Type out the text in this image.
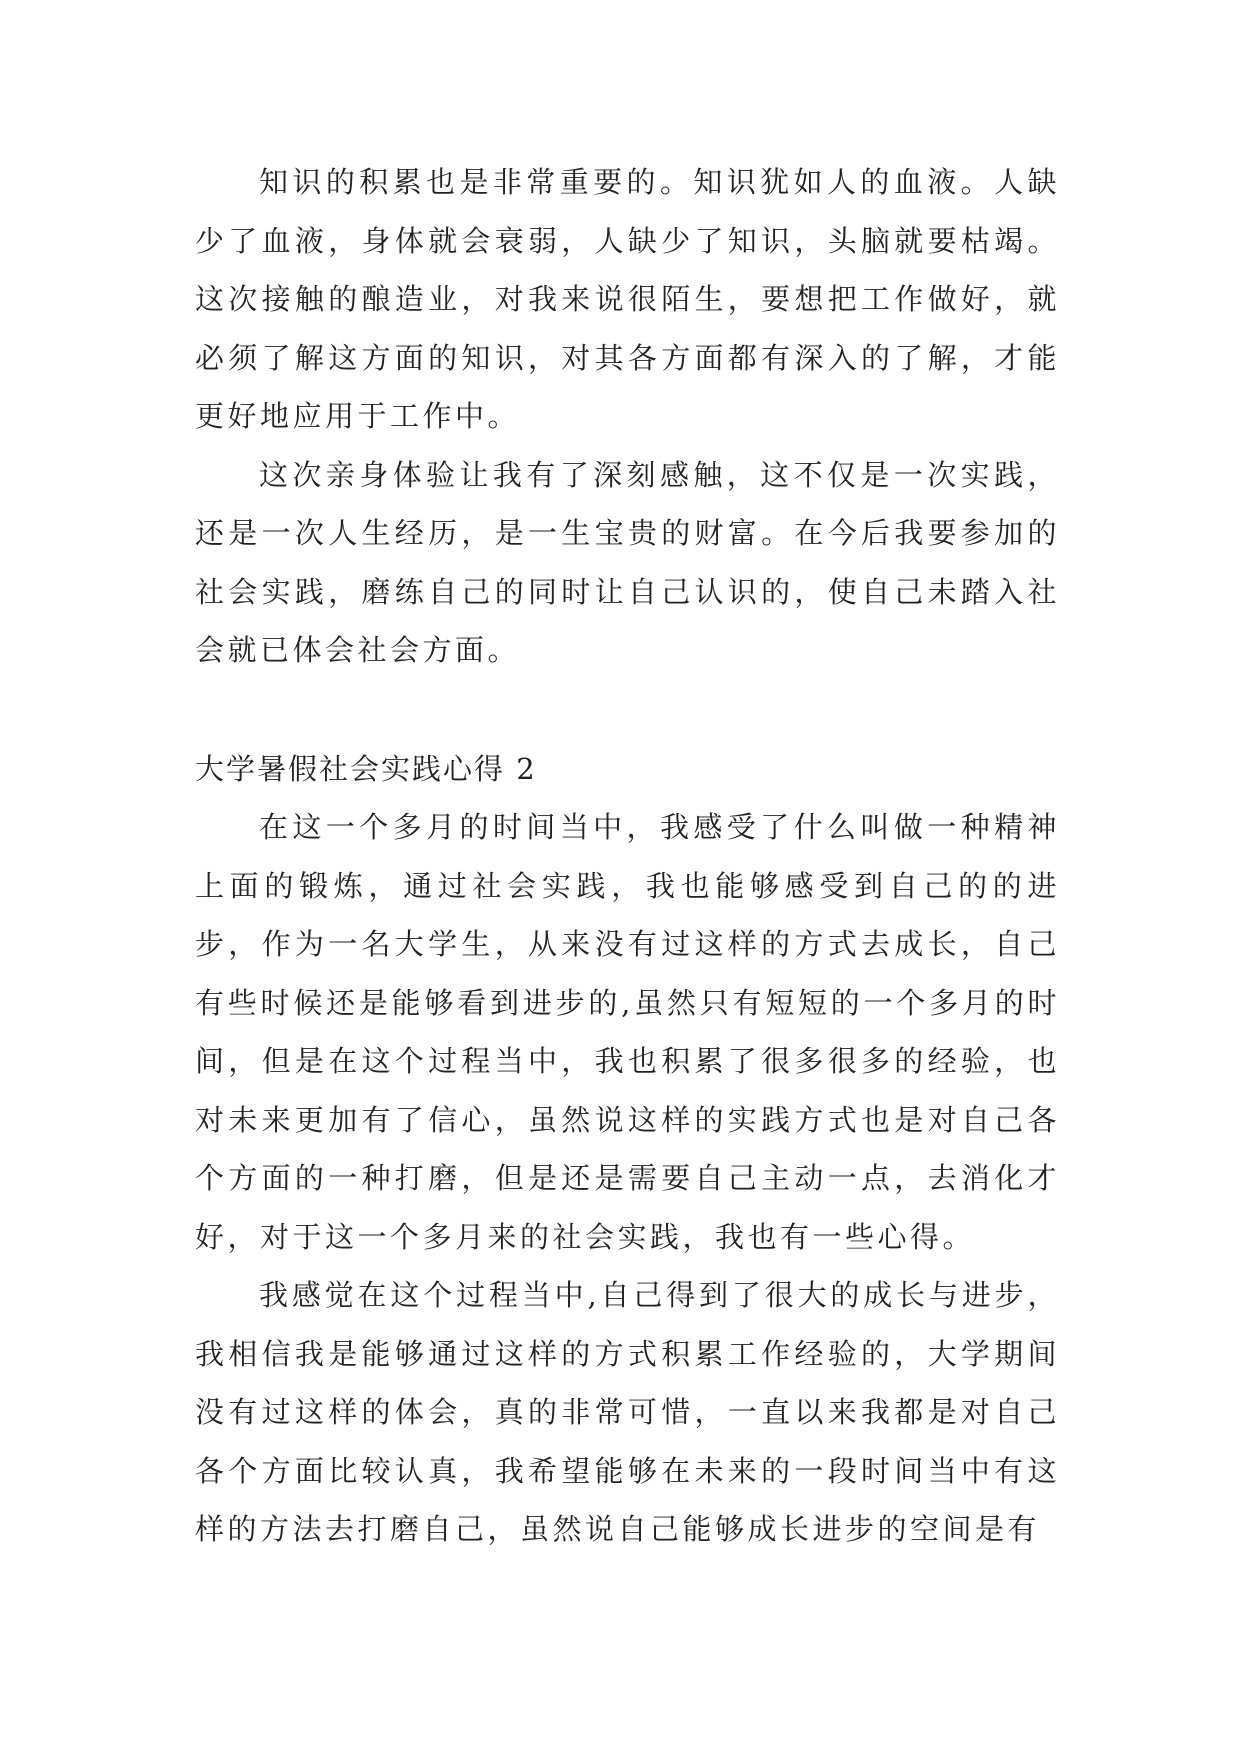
知识的积累也是非常重要的。知识犹如人的血液。人缺少了血液，身体就会衰弱，人缺少了知识，头脑就要枯竭。这次接触的酿造业，对我来说很陌生，要想把工作做好，就必须了解这方面的知识，对其各方面都有深入的了解，才能更好地应用于工作中。

这次亲身体验让我有了深刻感触，这不仅是一次实践，还是一次人生经历，是一生宝贵的财富。在今后我要参加的社会实践，磨练自己的同时让自己认识的，使自己未踏入社会就已体会社会方面。

大学暑假社会实践心得 2

在这一个多月的时间当中，我感受了什么叫做一种精神上面的锻炼，通过社会实践，我也能够感受到自己的的进步，作为一名大学生，从来没有过这样的方式去成长，自己有些时候还是能够看到进步的,虽然只有短短的一个多月的时间，但是在这个过程当中，我也积累了很多很多的经验，也对未来更加有了信心，虽然说这样的实践方式也是对自己各个方面的一种打磨，但是还是需要自己主动一点，去消化才好，对于这一个多月来的社会实践，我也有一些心得。

我感觉在这个过程当中,自己得到了很大的成长与进步，我相信我是能够通过这样的方式积累工作经验的，大学期间没有过这样的体会，真的非常可惜，一直以来我都是对自己各个方面比较认真，我希望能够在未来的一段时间当中有这样的方法去打磨自己，虽然说自己能够成长进步的空间是有
